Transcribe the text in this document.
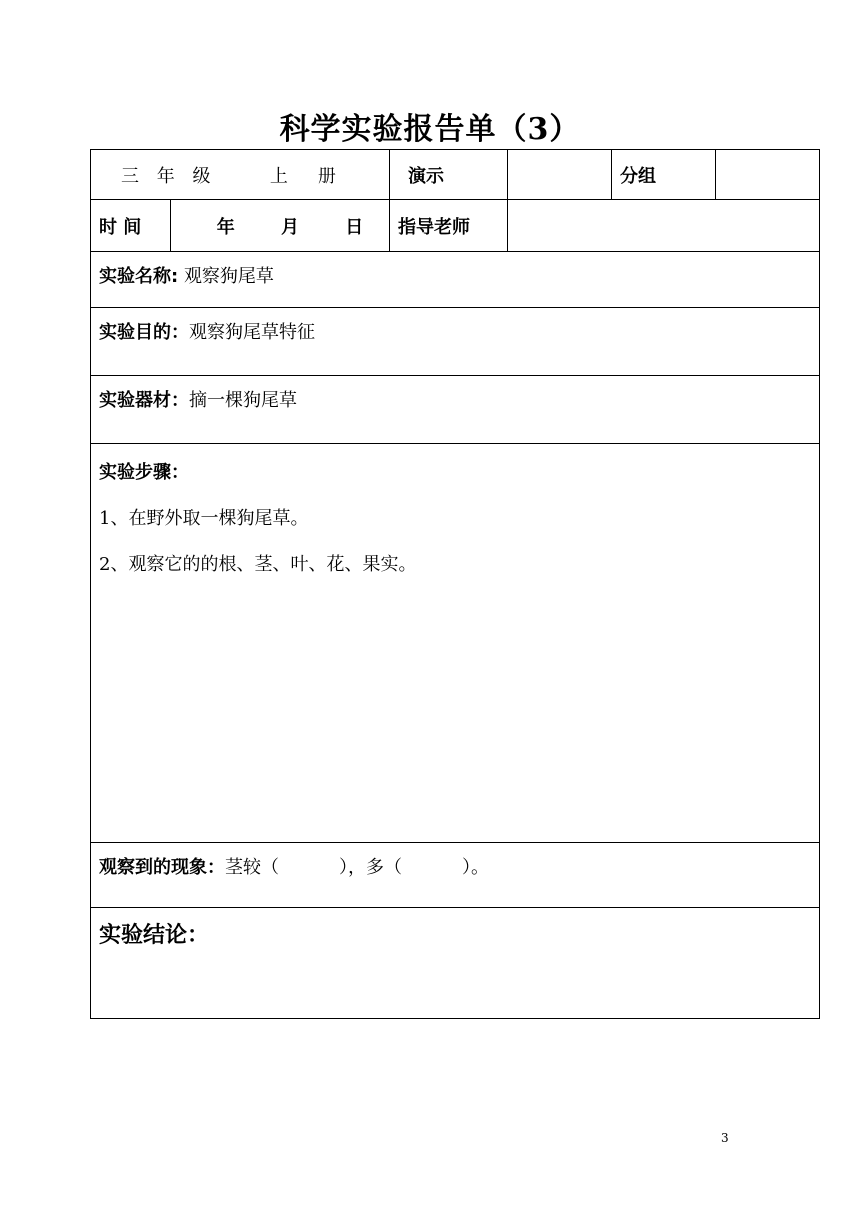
科学实验报告单（3）
三 年 级 上　册		演示		分组	
时 间	年 月 日	指导老师			
实验名称: 观察狗尾草					
实验目的：观察狗尾草特征					
实验器材：摘一棵狗尾草					

实验步骤：
1、在野外取一棵狗尾草。
2、观察它的的根、茎、叶、花、果实。					

观察到的现象：茎较（ ），多（ ）。					
实验结论：					
3
